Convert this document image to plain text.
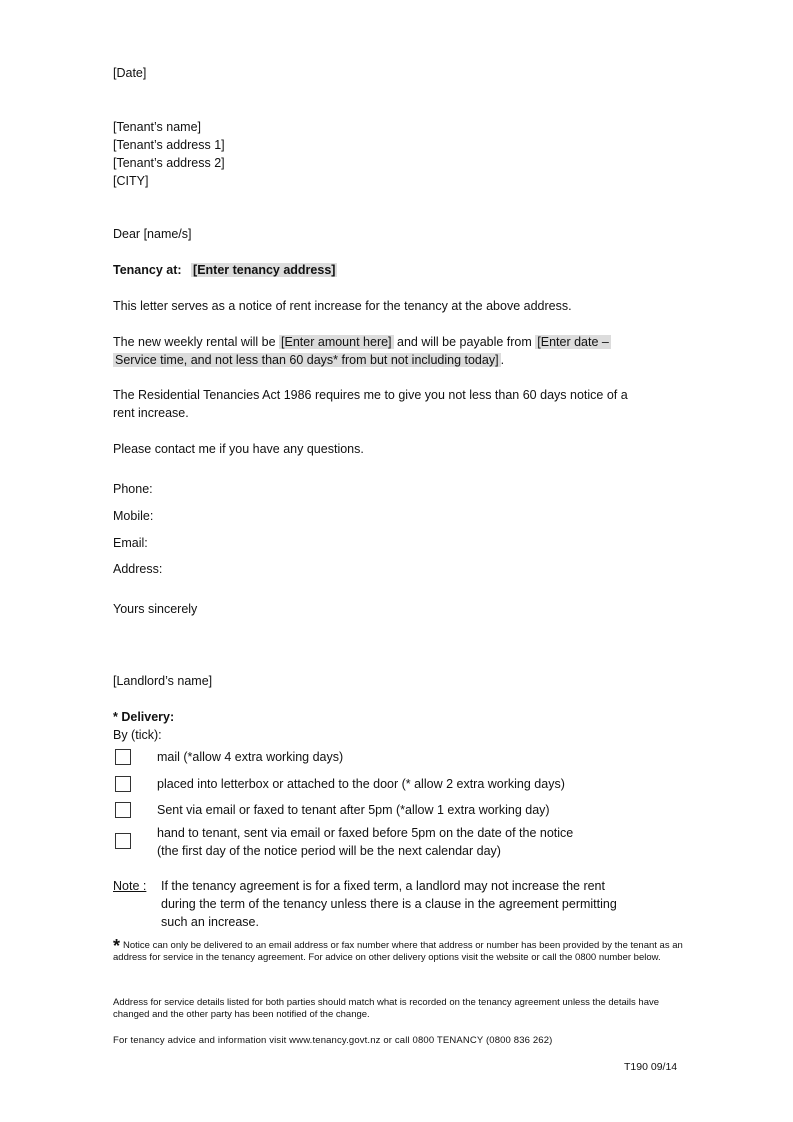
[Date]
[Tenant’s name]
[Tenant’s address 1]
[Tenant’s address 2]
[CITY]
Dear [name/s]
Tenancy at: [Enter tenancy address]
This letter serves as a notice of rent increase for the tenancy at the above address.
The new weekly rental will be [Enter amount here] and will be payable from [Enter date –
Service time, and not less than 60 days* from but not including today] .
The Residential Tenancies Act 1986 requires me to give you not less than 60 days notice of a
rent increase.
Please contact me if you have any questions.
Phone:
Mobile:
Email:
Address:
Yours sincerely
[Landlord’s name]
* Delivery:
By (tick):
mail (*allow 4 extra working days)
placed into letterbox or attached to the door (* allow 2 extra working days)
Sent via email or faxed to tenant after 5pm (*allow 1 extra working day)
hand to tenant, sent via email or faxed before 5pm on the date of the notice
(the first day of the notice period will be the next calendar day)
Note : If the tenancy agreement is for a fixed term, a landlord may not increase the rent
during the term of the tenancy unless there is a clause in the agreement permitting
such an increase.
* Notice can only be delivered to an email address or fax number where that address or number has been provided by the tenant as an address for service in the tenancy agreement. For advice on other delivery options visit the website or call the 0800 number below.
Address for service details listed for both parties should match what is recorded on the tenancy agreement unless the details have changed and the other party has been notified of the change.
For tenancy advice and information visit www.tenancy.govt.nz or call 0800 TENANCY (0800 836 262)
T190 09/14
